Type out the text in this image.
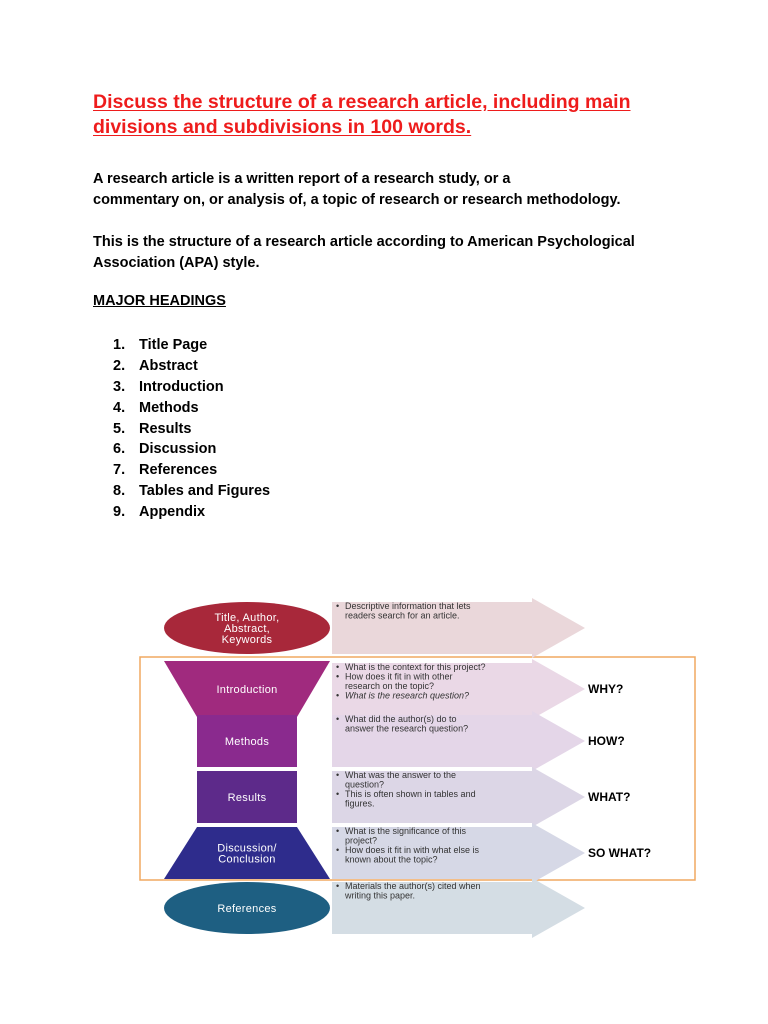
Discuss the structure of a research article, including main
divisions and subdivisions in 100 words.

A research article is a written report of a research study, or a
commentary on, or analysis of, a topic of research or research methodology.

This is the structure of a research article according to American Psychological
Association (APA) style.

MAJOR HEADINGS

1. Title Page
2. Abstract
3. Introduction
4. Methods
5. Results
6. Discussion
7. References
8. Tables and Figures
9. Appendix
Title, Author,
Abstract,
Keywords
• Descriptive information that lets
readers search for an article.
Introduction
• What is the context for this project?
• How does it fit in with other
research on the topic?
• What is the research question?	WHY?
Methods
• What did the author(s) do to
answer the research question?
HOW?
Results
• What was the answer to the
question?
• This is often shown in tables and
figures.	WHAT?
Discussion/
Conclusion
• What is the significance of this
project?
• How does it fit in with what else is
known about the topic?	SO WHAT?
References
• Materials the author(s) cited when
writing this paper.
